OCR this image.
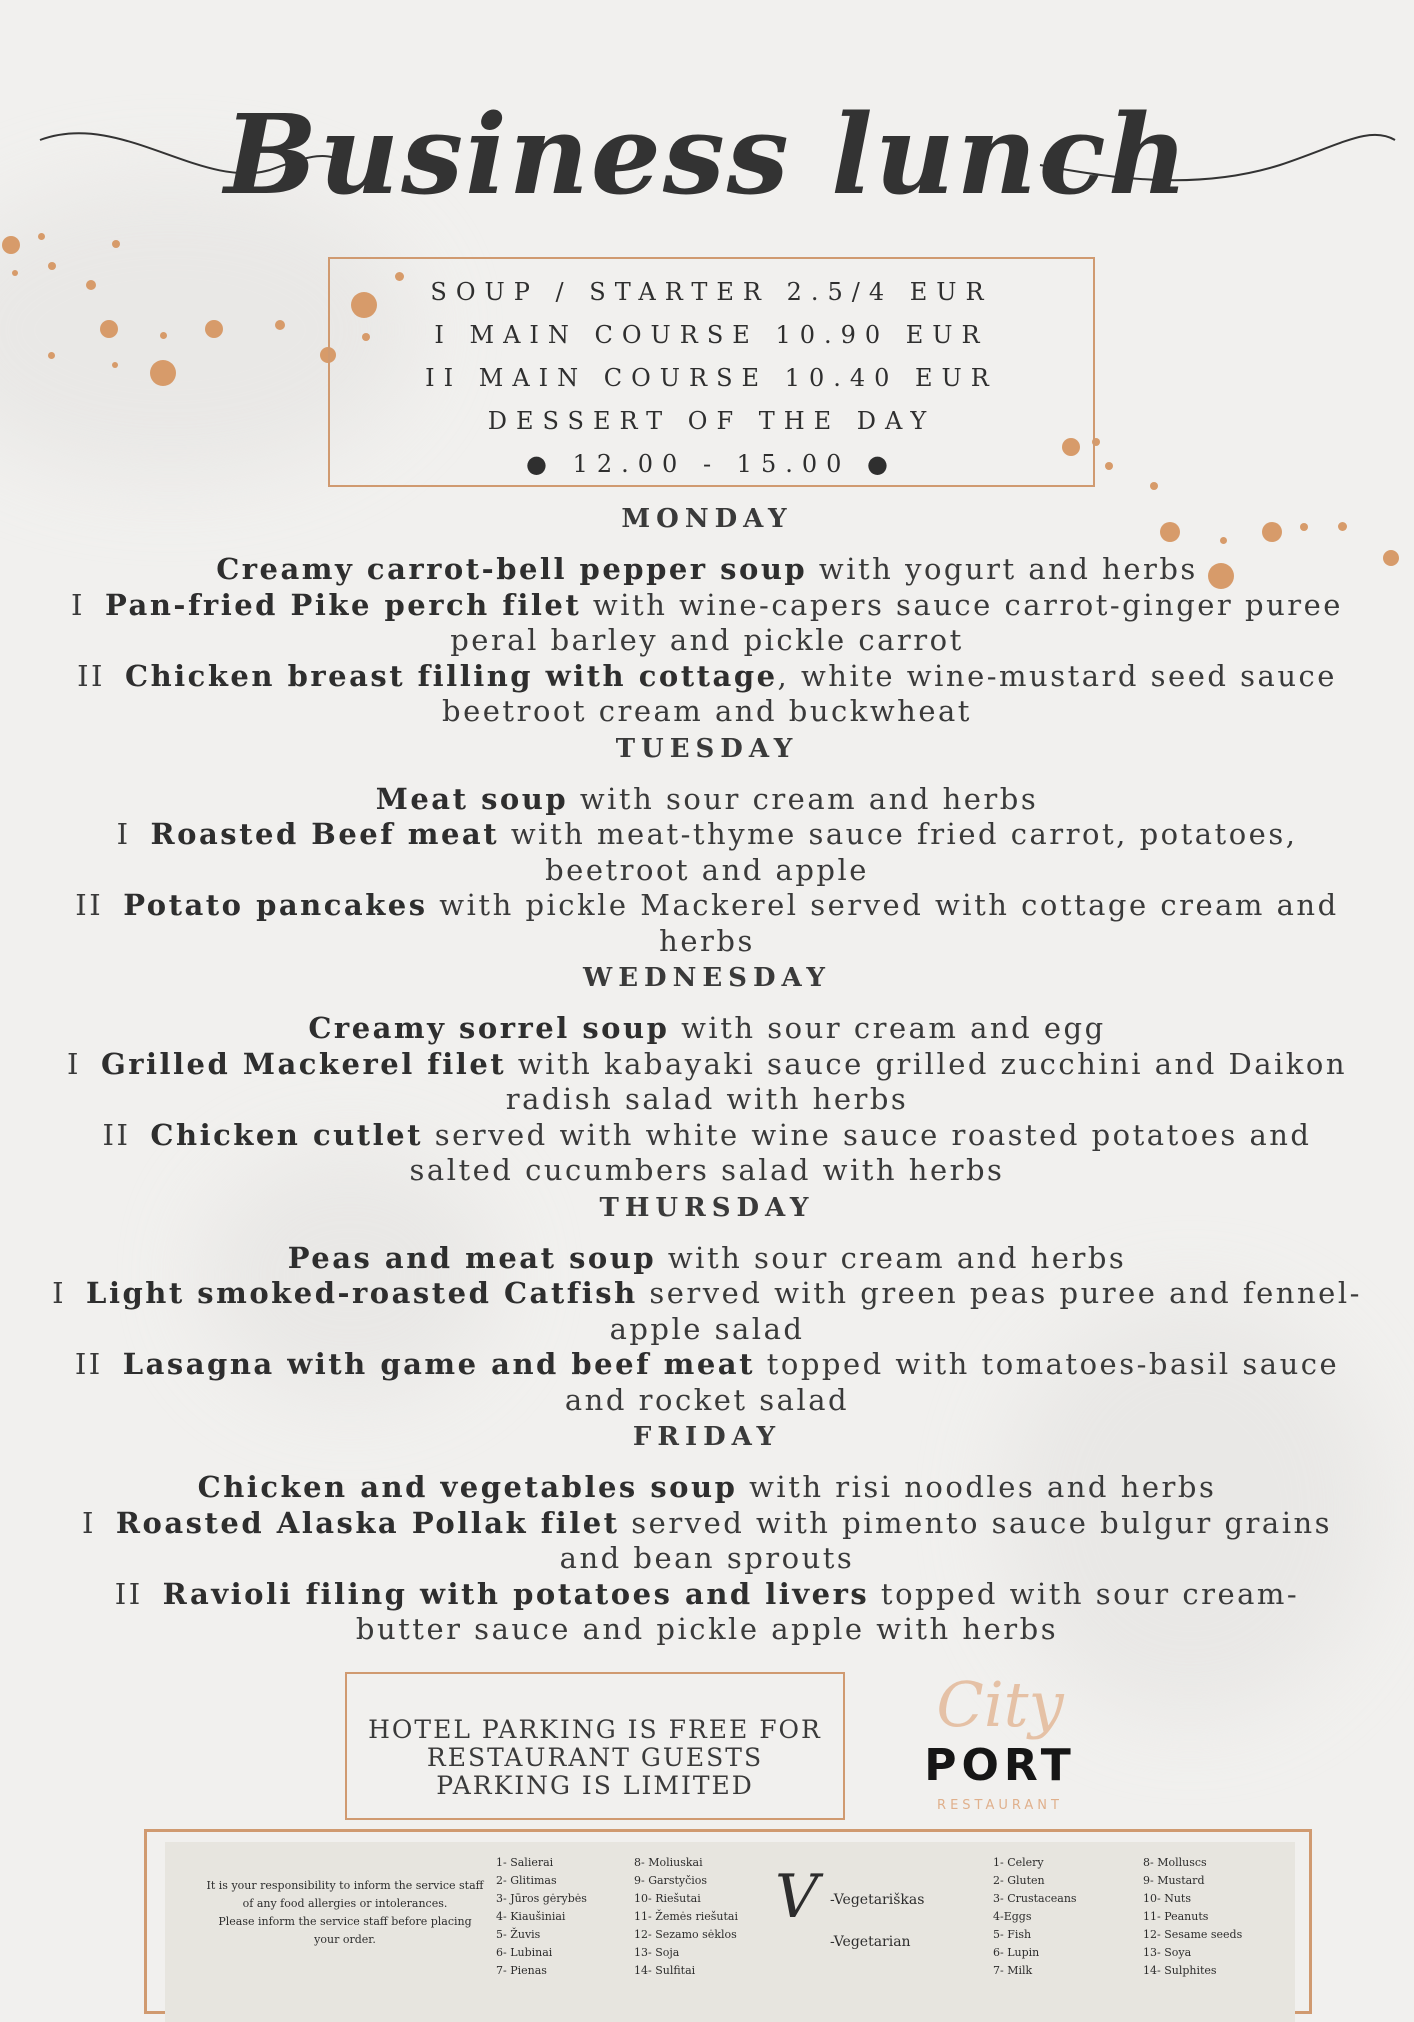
Business lunch
SOUP / STARTER 2.5/4 EUR
I MAIN COURSE 10.90 EUR
II MAIN COURSE 10.40 EUR
DESSERT OF THE DAY
● 12.00 - 15.00 ●
MONDAY
Creamy carrot-bell pepper soup with yogurt and herbs
I Pan-fried Pike perch filet with wine-capers sauce carrot-ginger puree
peral barley and pickle carrot
II Chicken breast filling with cottage, white wine-mustard seed sauce
beetroot cream and buckwheat
TUESDAY
Meat soup with sour cream and herbs
I Roasted Beef meat with meat-thyme sauce fried carrot, potatoes,
beetroot and apple
II Potato pancakes with pickle Mackerel served with cottage cream and
herbs
WEDNESDAY
Creamy sorrel soup with sour cream and egg
I Grilled Mackerel filet with kabayaki sauce grilled zucchini and Daikon
radish salad with herbs
II Chicken cutlet served with white wine sauce roasted potatoes and
salted cucumbers salad with herbs
THURSDAY
Peas and meat soup with sour cream and herbs
I Light smoked-roasted Catfish served with green peas puree and fennel-
apple salad
II Lasagna with game and beef meat topped with tomatoes-basil sauce
and rocket salad
FRIDAY
Chicken and vegetables soup with risi noodles and herbs
I Roasted Alaska Pollak filet served with pimento sauce bulgur grains
and bean sprouts
II Ravioli filing with potatoes and livers topped with sour cream-
butter sauce and pickle apple with herbs
HOTEL PARKING IS FREE FOR
RESTAURANT GUESTS
PARKING IS LIMITED
City
PORT
RESTAURANT
It is your responsibility to inform the service staff
of any food allergies or intolerances.
Please inform the service staff before placing
your order.
1- Salierai
2- Glitimas
3- Jūros gėrybės
4- Kiaušiniai
5- Žuvis
6- Lubinai
7- Pienas
8- Moliuskai
9- Garstyčios
10- Riešutai
11- Žemės riešutai
12- Sezamo sėklos
13- Soja
14- Sulfitai
V -Vegetariškas
-Vegetarian
1- Celery
2- Gluten
3- Crustaceans
4-Eggs
5- Fish
6- Lupin
7- Milk
8- Molluscs
9- Mustard
10- Nuts
11- Peanuts
12- Sesame seeds
13- Soya
14- Sulphites
